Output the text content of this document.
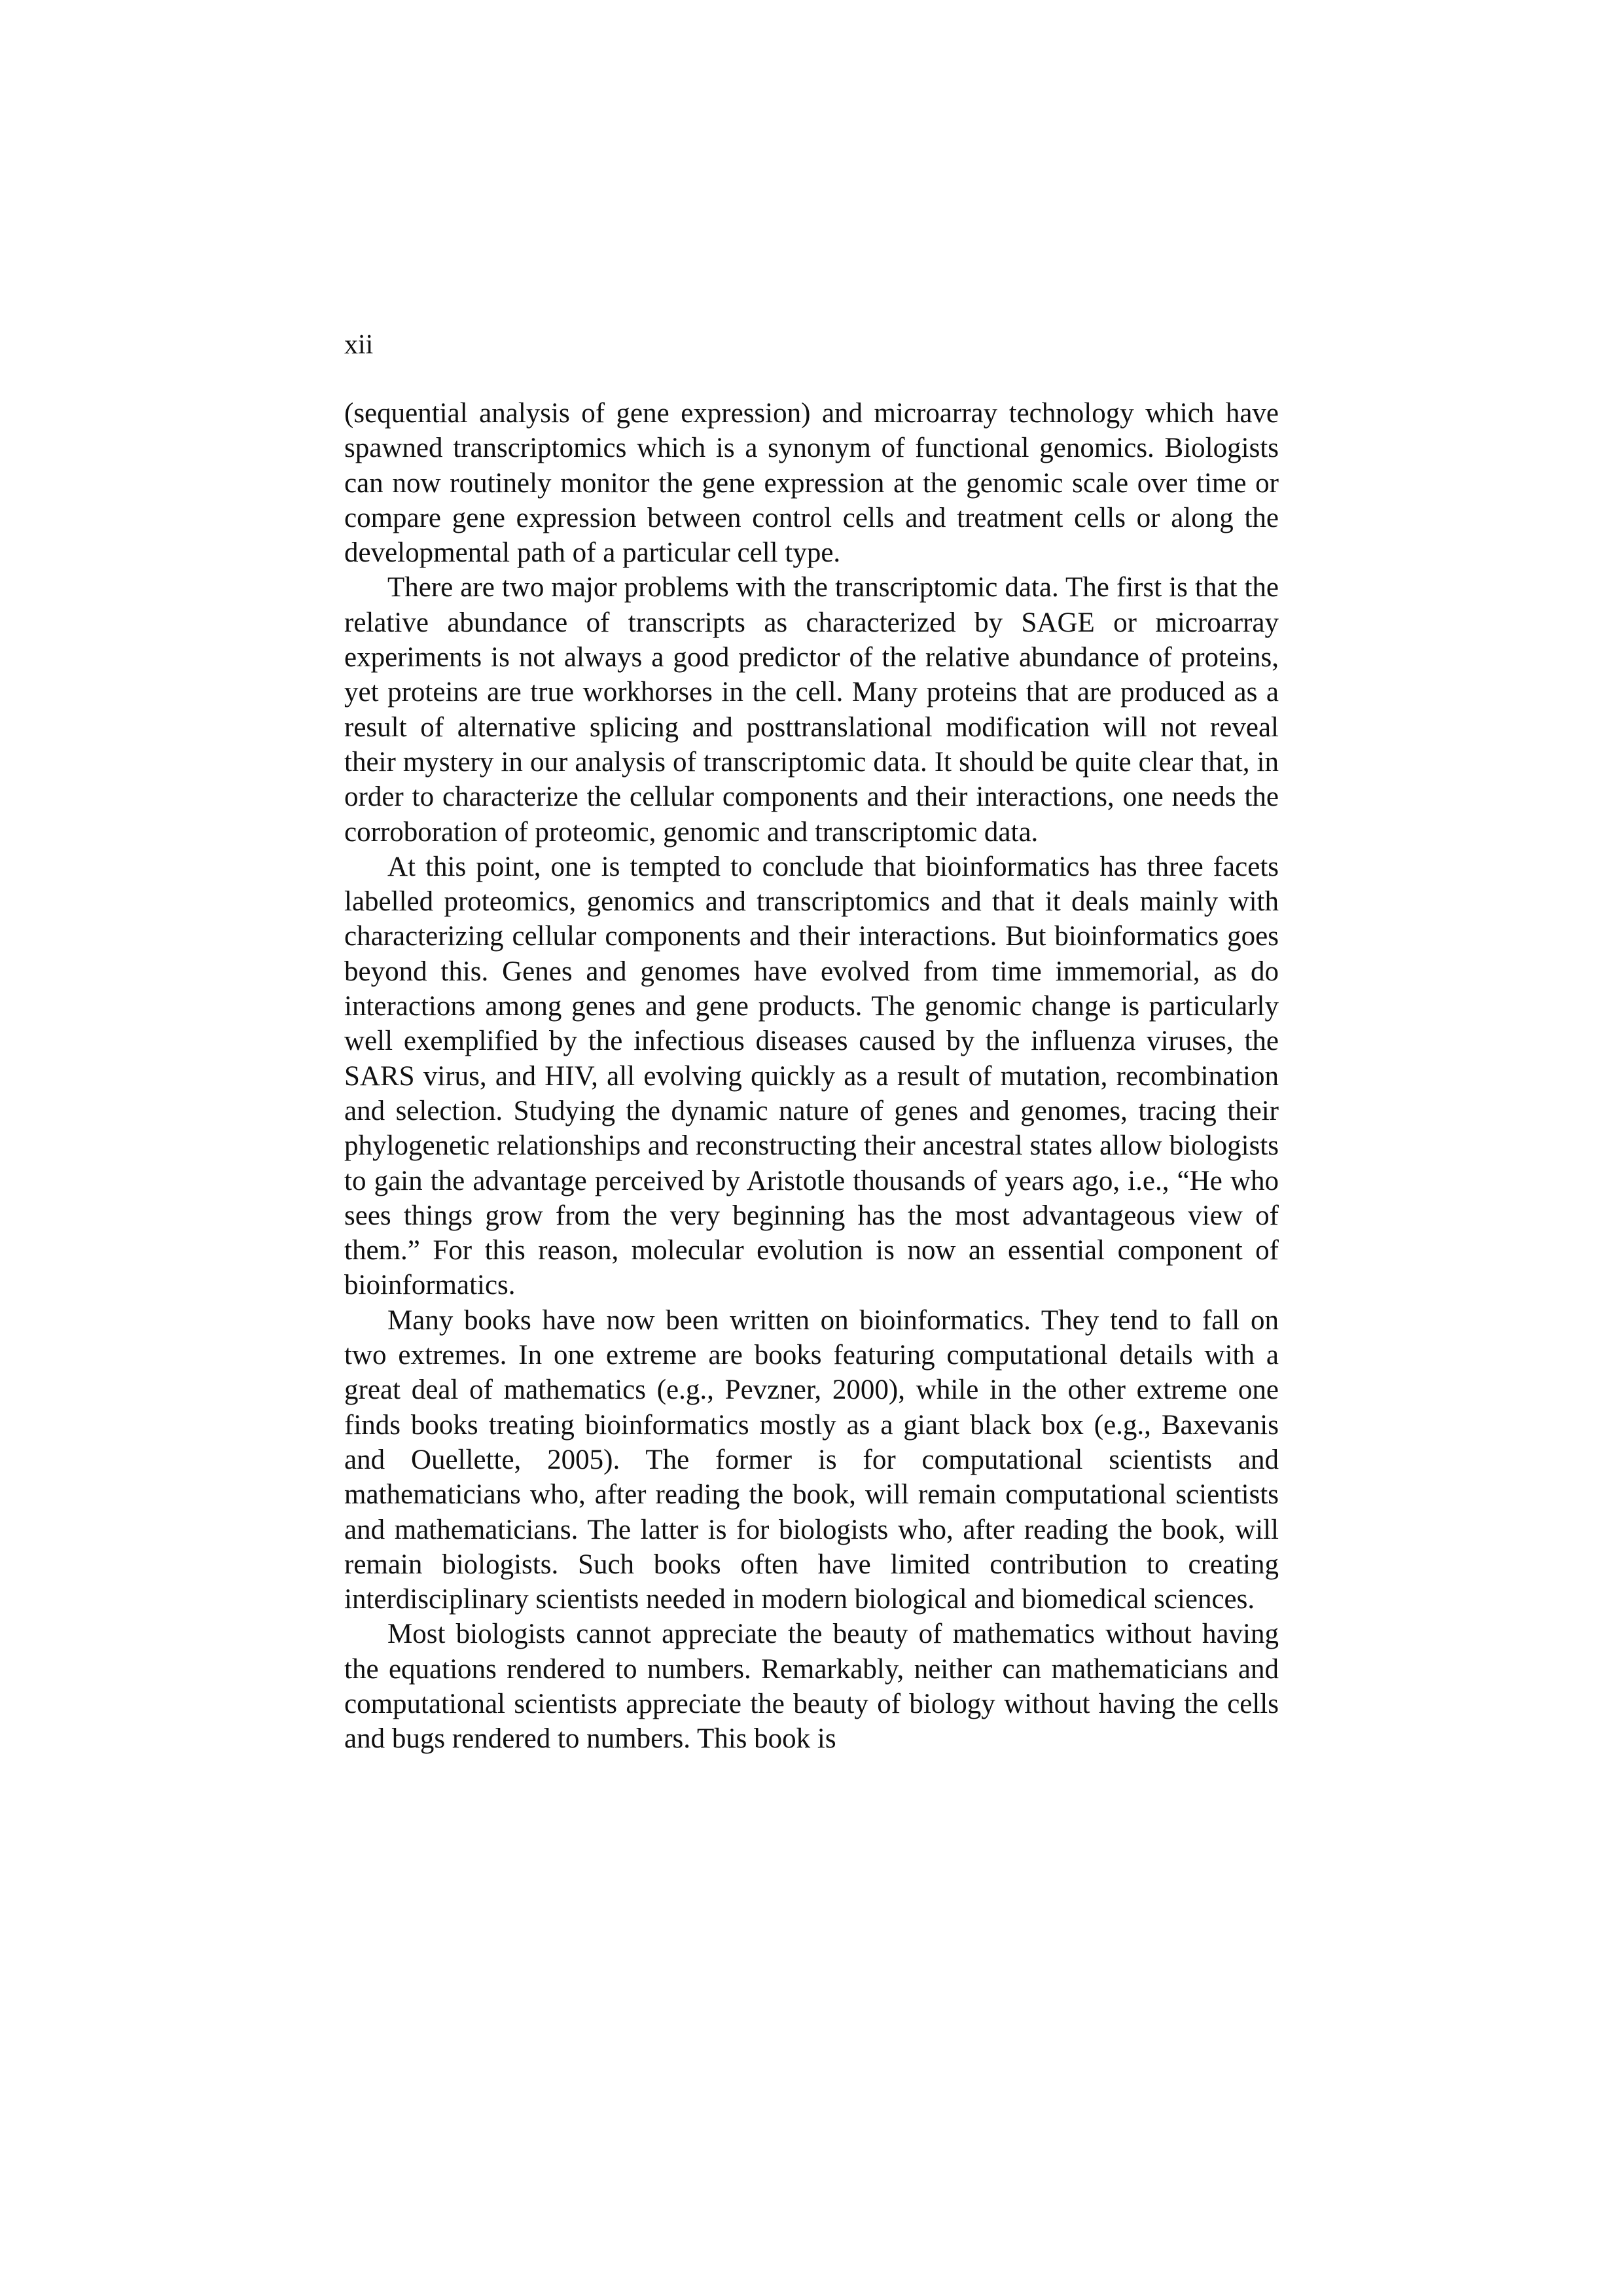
xii

(sequential analysis of gene expression) and microarray technology which have spawned transcriptomics which is a synonym of functional genomics. Biologists can now routinely monitor the gene expression at the genomic scale over time or compare gene expression between control cells and treatment cells or along the developmental path of a particular cell type.

There are two major problems with the transcriptomic data. The first is that the relative abundance of transcripts as characterized by SAGE or microarray experiments is not always a good predictor of the relative abundance of proteins, yet proteins are true workhorses in the cell. Many proteins that are produced as a result of alternative splicing and posttranslational modification will not reveal their mystery in our analysis of transcriptomic data. It should be quite clear that, in order to characterize the cellular components and their interactions, one needs the corroboration of proteomic, genomic and transcriptomic data.

At this point, one is tempted to conclude that bioinformatics has three facets labelled proteomics, genomics and transcriptomics and that it deals mainly with characterizing cellular components and their interactions. But bioinformatics goes beyond this. Genes and genomes have evolved from time immemorial, as do interactions among genes and gene products. The genomic change is particularly well exemplified by the infectious diseases caused by the influenza viruses, the SARS virus, and HIV, all evolving quickly as a result of mutation, recombination and selection. Studying the dynamic nature of genes and genomes, tracing their phylogenetic relationships and reconstructing their ancestral states allow biologists to gain the advantage perceived by Aristotle thousands of years ago, i.e., “He who sees things grow from the very beginning has the most advantageous view of them.” For this reason, molecular evolution is now an essential component of bioinformatics.

Many books have now been written on bioinformatics. They tend to fall on two extremes. In one extreme are books featuring computational details with a great deal of mathematics (e.g., Pevzner, 2000), while in the other extreme one finds books treating bioinformatics mostly as a giant black box (e.g., Baxevanis and Ouellette, 2005). The former is for computational scientists and mathematicians who, after reading the book, will remain computational scientists and mathematicians. The latter is for biologists who, after reading the book, will remain biologists. Such books often have limited contribution to creating interdisciplinary scientists needed in modern biological and biomedical sciences.

Most biologists cannot appreciate the beauty of mathematics without having the equations rendered to numbers. Remarkably, neither can mathematicians and computational scientists appreciate the beauty of biology without having the cells and bugs rendered to numbers. This book is
